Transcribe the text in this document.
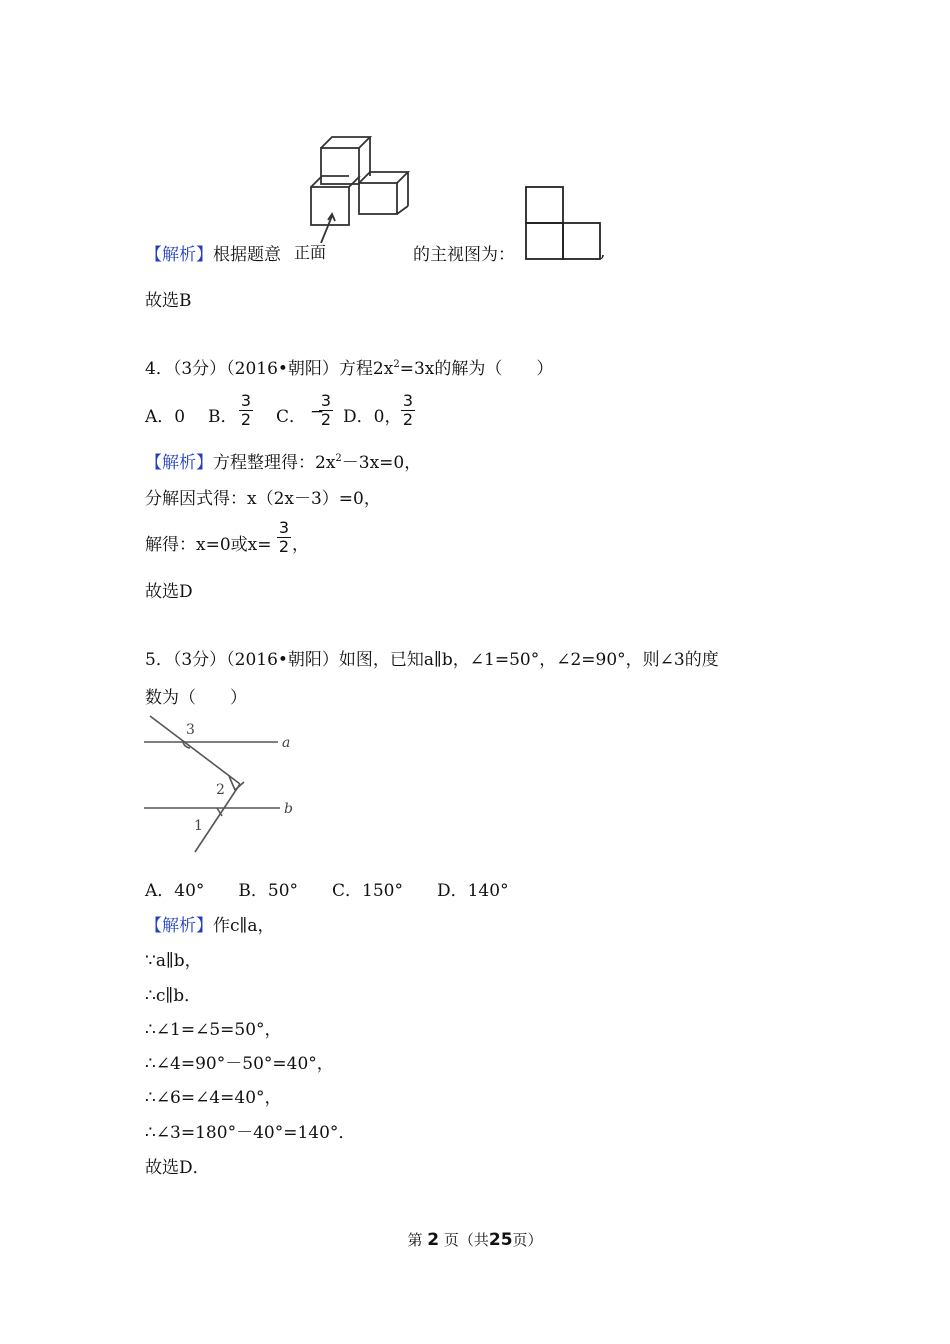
正面
【解析】根据题意	的主视图为：	,
故选B
4．（3分）（2016•朝阳）方程$2x^2=3x$的解为（　　）
A．0 B．
3
2 C． −
3
2 D．0，
3
2
【解析】方程整理得：$2x^2-3x=0$，
分解因式得：x（2x－3）=0，
解得：x=0或x=
3
2 ，
故选D
5．（3分）（2016•朝阳）如图，已知a∥b，∠1=50°，∠2=90°，则∠3的度
数为（　　）
3
2
1
a
b
A．40°　　B．50°　　C．150°　　D．140°
【解析】作c∥a，
∵a∥b，
∴c∥b．
∴∠1=∠5=50°，
∴∠4=90°－50°=40°，
∴∠6=∠4=40°，
∴∠3=180°－40°=140°．
故选D．
第 2 页（共25页）
